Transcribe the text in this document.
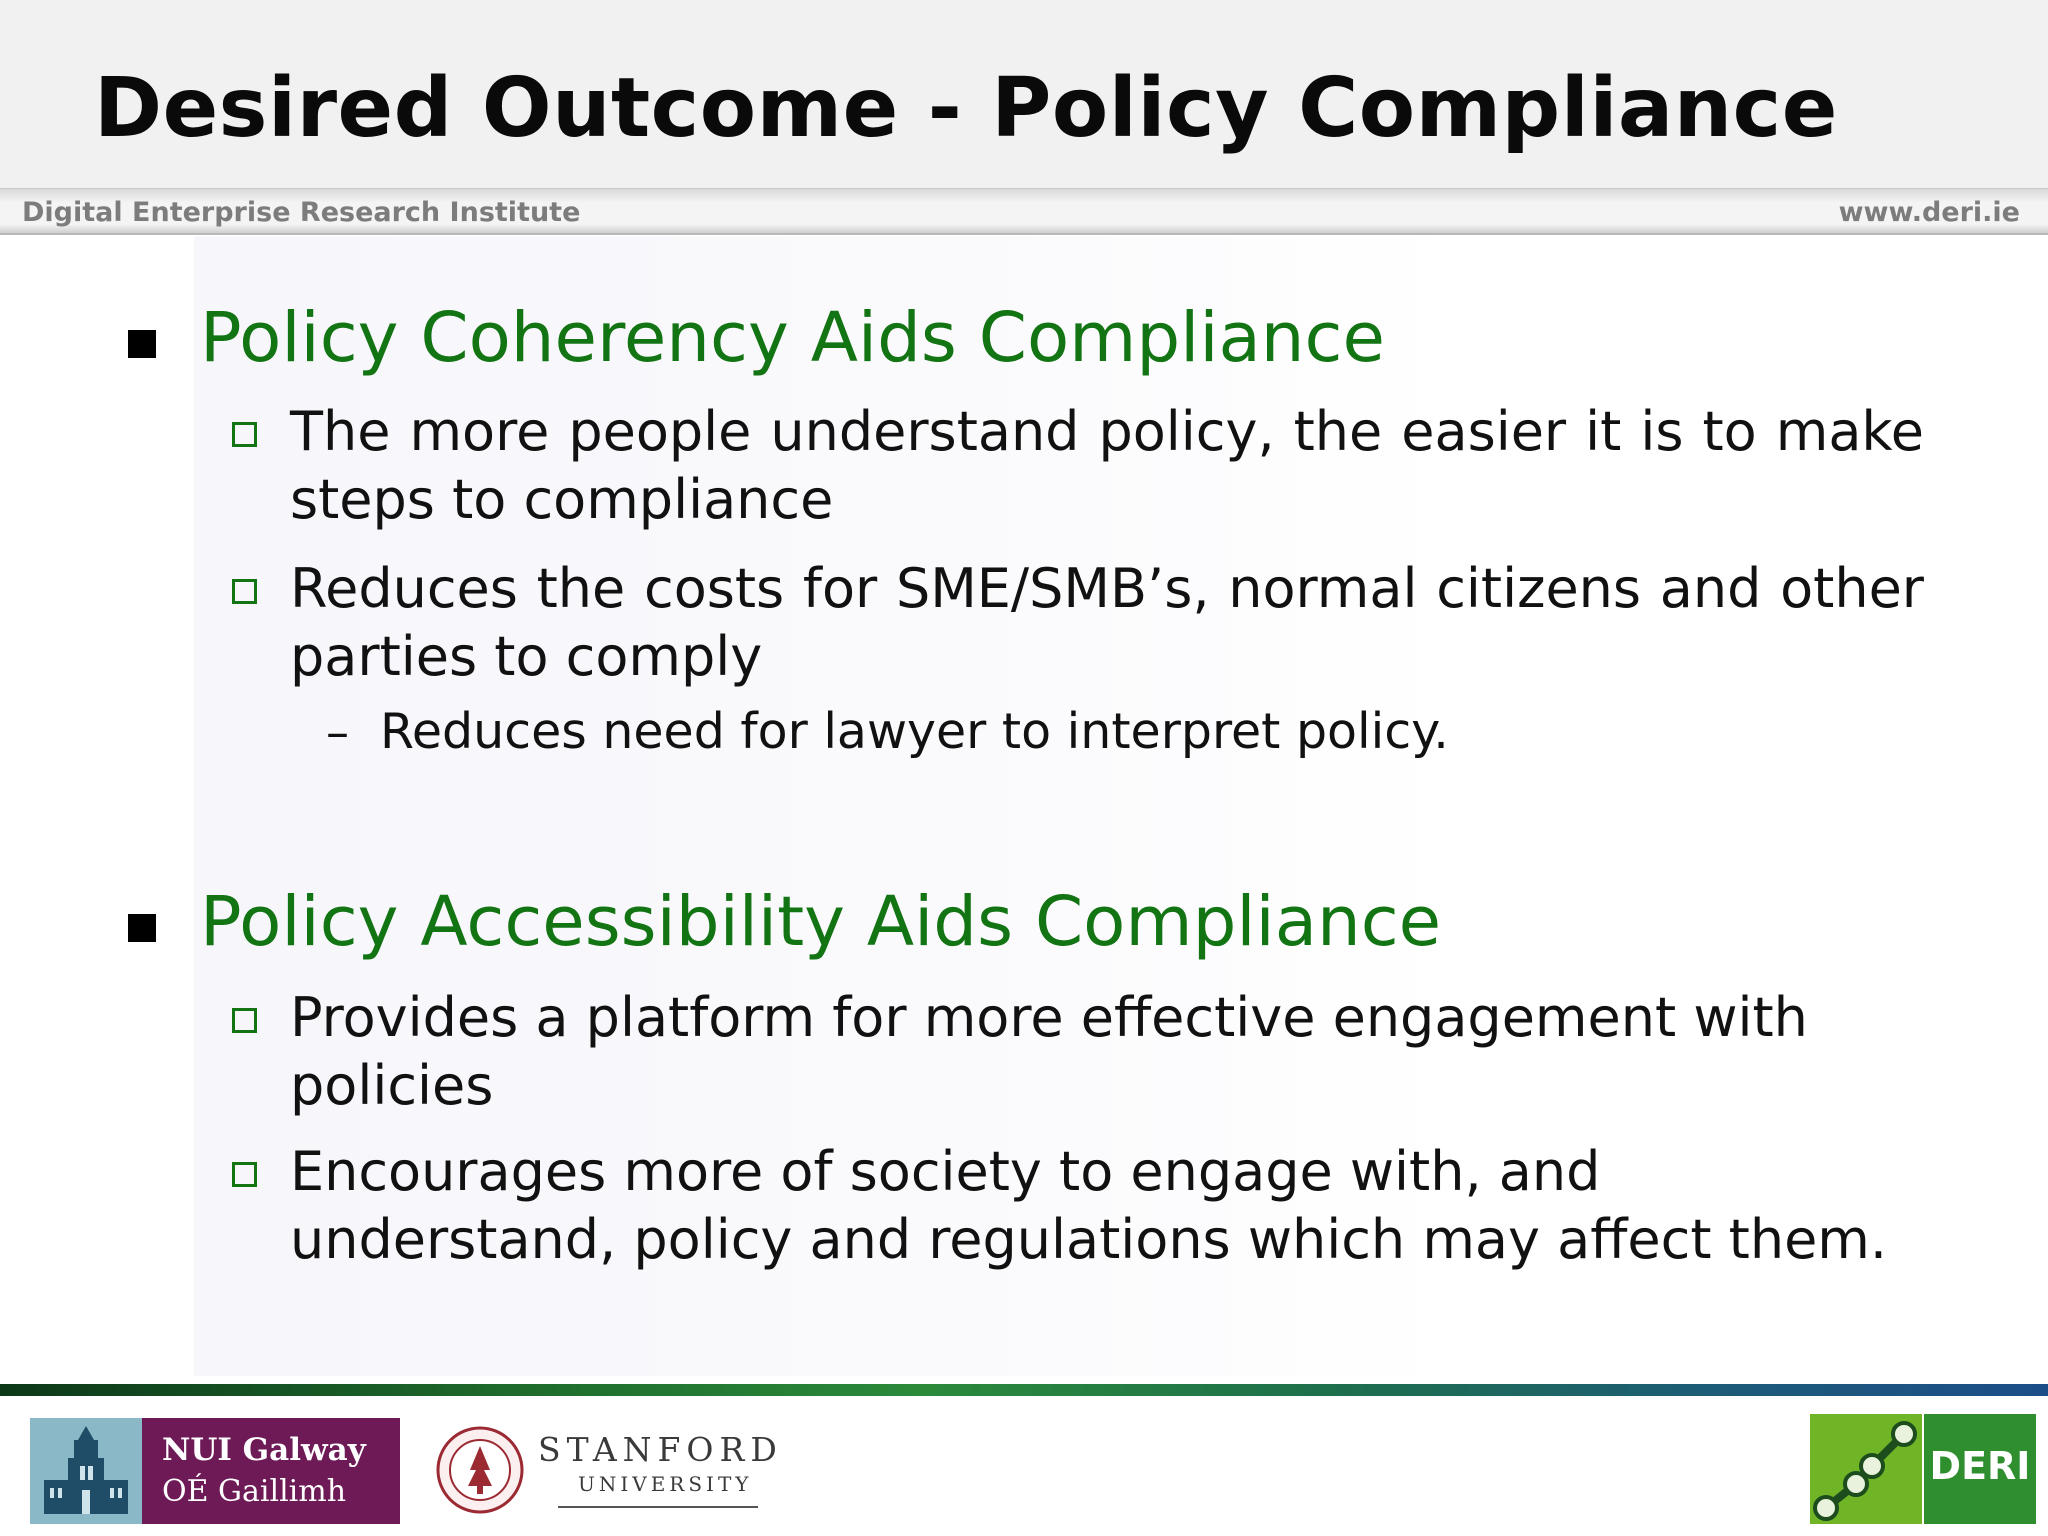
Desired Outcome - Policy Compliance
Digital Enterprise Research Institute	www.deri.ie
Policy Coherency Aids Compliance
The more people understand policy, the easier it is to make steps to compliance
Reduces the costs for SME/SMB’s, normal citizens and other parties to comply
– Reduces need for lawyer to interpret policy.
Policy Accessibility Aids Compliance
Provides a platform for more effective engagement with policies
Encourages more of society to engage with, and understand, policy and regulations which may affect them.
NUI Galway
OÉ Gaillimh
STANFORD
UNIVERSITY	DERI
